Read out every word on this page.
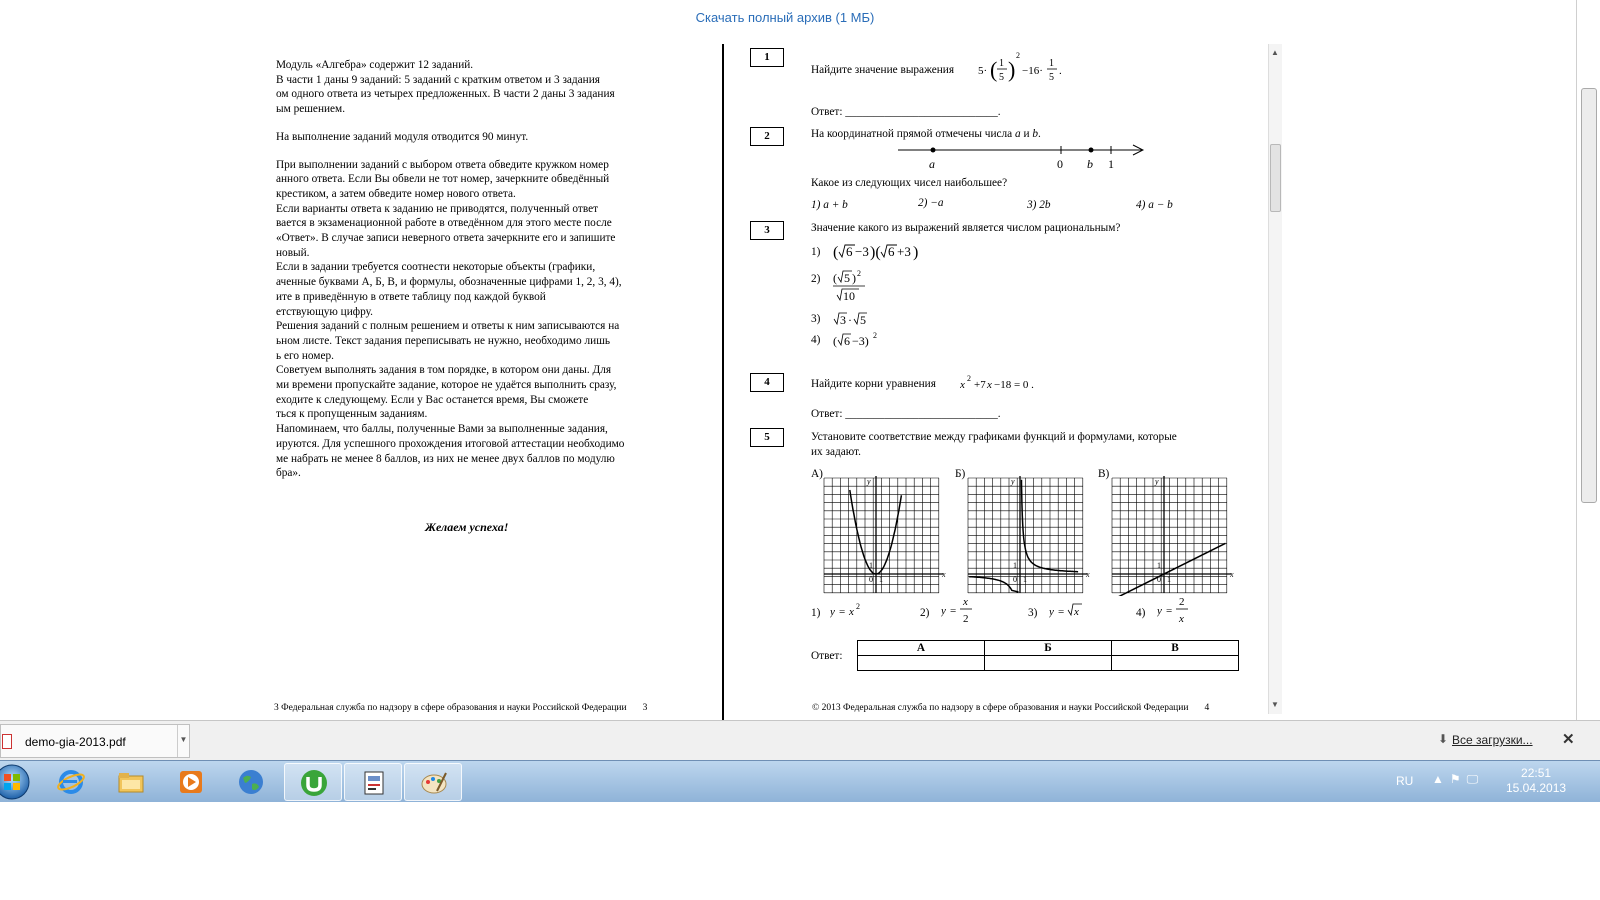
Скачать полный архив (1 МБ)

Модуль «Алгебра» содержит 12 заданий.

В части 1 даны 9 заданий: 5 заданий с кратким ответом и 3 задания

ом одного ответа из четырех предложенных. В части 2 даны 3 задания

ым решением.

На выполнение заданий модуля отводится 90 минут.

При выполнении заданий с выбором ответа обведите кружком номер

анного ответа. Если Вы обвели не тот номер, зачеркните обведённый

крестиком, а затем обведите номер нового ответа.

Если варианты ответа к заданию не приводятся, полученный ответ

вается в экзаменационной работе в отведённом для этого месте после

«Ответ». В случае записи неверного ответа зачеркните его и запишите

новый.

Если в задании требуется соотнести некоторые объекты (графики,

аченные буквами А, Б, В, и формулы, обозначенные цифрами 1, 2, 3, 4),

ите в приведённую в ответе таблицу под каждой буквой

етствующую цифру.

Решения заданий с полным решением и ответы к ним записываются на

ьном листе. Текст задания переписывать не нужно, необходимо лишь

ь его номер.

Советуем выполнять задания в том порядке, в котором они даны. Для

ми времени пропускайте задание, которое не удаётся выполнить сразу,

еходите к следующему. Если у Вас останется время, Вы сможете

ться к пропущенным заданиям.

Напоминаем, что баллы, полученные Вами за выполненные задания,

ируются. Для успешного прохождения итоговой аттестации необходимо

ме набрать не менее 8 баллов, из них не менее двух баллов по модулю

бра».

Желаем успеха!
3 Федеральная служба по надзору в сфере образования и науки Российской Федерации 3
1
Найдите значение выражения 5· ( 1
5 )
2
−16·
1
5
.
Ответ: ___________________________.
2	На координатной прямой отмечены числа a и b.
a	0 b 1
Какое из следующих чисел наибольшее?
1) a + b	2) −a	3) 2b	4) a − b
3	Значение какого из выражений является числом рациональным?
1) ( 6 −3 )( 6 +3 )
2) ( 5 ) 2
10
3) 3 · 5
4) ( 6 −3) 2
4	Найдите корни уравнения x
2
+7 x −18 = 0 .
Ответ: ___________________________.
5	Установите соответствие между графиками функций и формулами, которые
их задают.
А)	Б)	В)
0 1
1
x
y
0 1
1
x
y
0 1
1
x
y
1) y = x 2
2) y =
x
2	3) y = x	4) y =
2
x
Ответ:
А	Б	В

© 2013 Федеральная служба по надзору в сфере образования и науки Российской Федерации 4
▲
▼
demo-gia-2013.pdf	▼	⬇ Все загрузки... ✕
RU ▲⚑🖵	22:51
15.04.2013
